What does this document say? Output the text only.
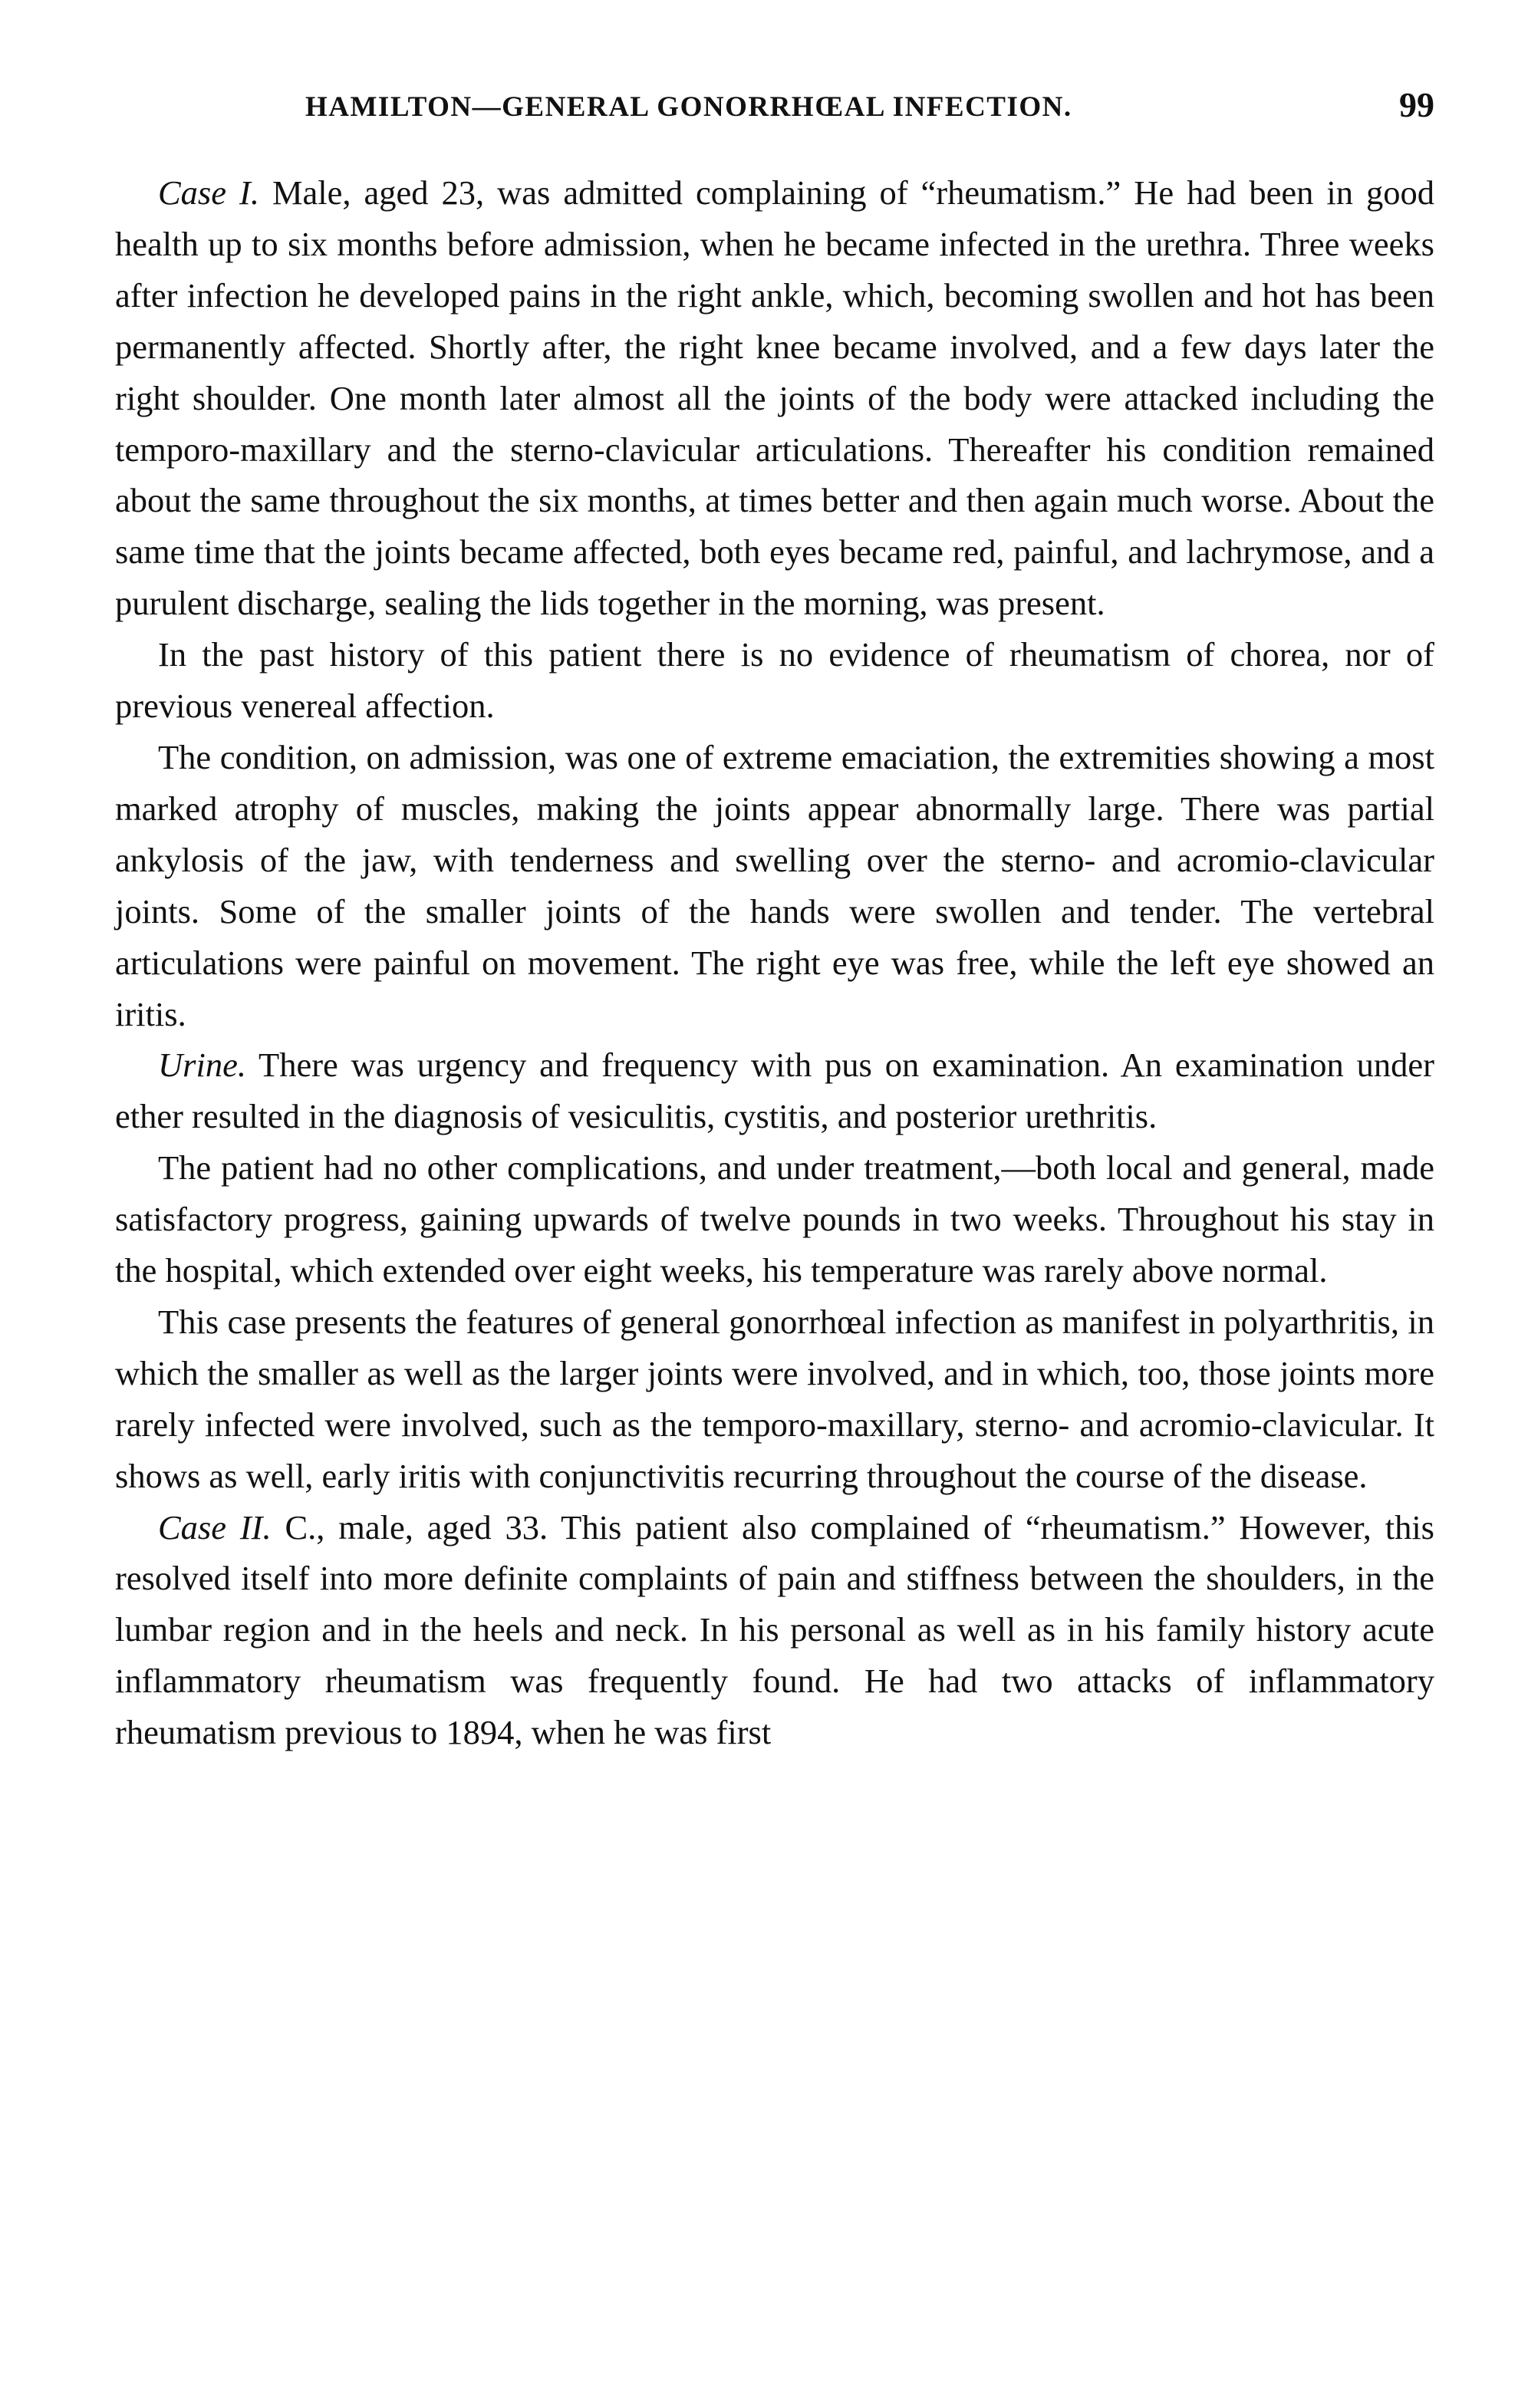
HAMILTON—GENERAL GONORRHŒAL INFECTION.	99

Case I. Male, aged 23, was admitted complaining of “rheumatism.” He had been in good health up to six months before admission, when he became infected in the urethra. Three weeks after infection he developed pains in the right ankle, which, becoming swollen and hot has been permanently affected. Shortly after, the right knee became involved, and a few days later the right shoulder. One month later almost all the joints of the body were attacked including the temporo-maxillary and the sterno-clavicular articulations. Thereafter his condition remained about the same throughout the six months, at times better and then again much worse. About the same time that the joints became affected, both eyes became red, painful, and lachrymose, and a purulent discharge, sealing the lids together in the morning, was present.

In the past history of this patient there is no evidence of rheumatism of chorea, nor of previous venereal affection.

The condition, on admission, was one of extreme emaciation, the extremities showing a most marked atrophy of muscles, making the joints appear abnormally large. There was partial ankylosis of the jaw, with tenderness and swelling over the sterno- and acromio-clavicular joints. Some of the smaller joints of the hands were swollen and tender. The vertebral articulations were painful on movement. The right eye was free, while the left eye showed an iritis.

Urine. There was urgency and frequency with pus on examination. An examination under ether resulted in the diagnosis of vesiculitis, cystitis, and posterior urethritis.

The patient had no other complications, and under treatment,—both local and general, made satisfactory progress, gaining upwards of twelve pounds in two weeks. Throughout his stay in the hospital, which extended over eight weeks, his temperature was rarely above normal.

This case presents the features of general gonorrhœal infection as manifest in polyarthritis, in which the smaller as well as the larger joints were involved, and in which, too, those joints more rarely infected were involved, such as the temporo-maxillary, sterno- and acromio-clavicular. It shows as well, early iritis with conjunctivitis recurring throughout the course of the disease.

Case II. C., male, aged 33. This patient also complained of “rheumatism.” However, this resolved itself into more definite complaints of pain and stiffness between the shoulders, in the lumbar region and in the heels and neck. In his personal as well as in his family history acute inflammatory rheumatism was frequently found. He had two attacks of inflammatory rheumatism previous to 1894, when he was first
